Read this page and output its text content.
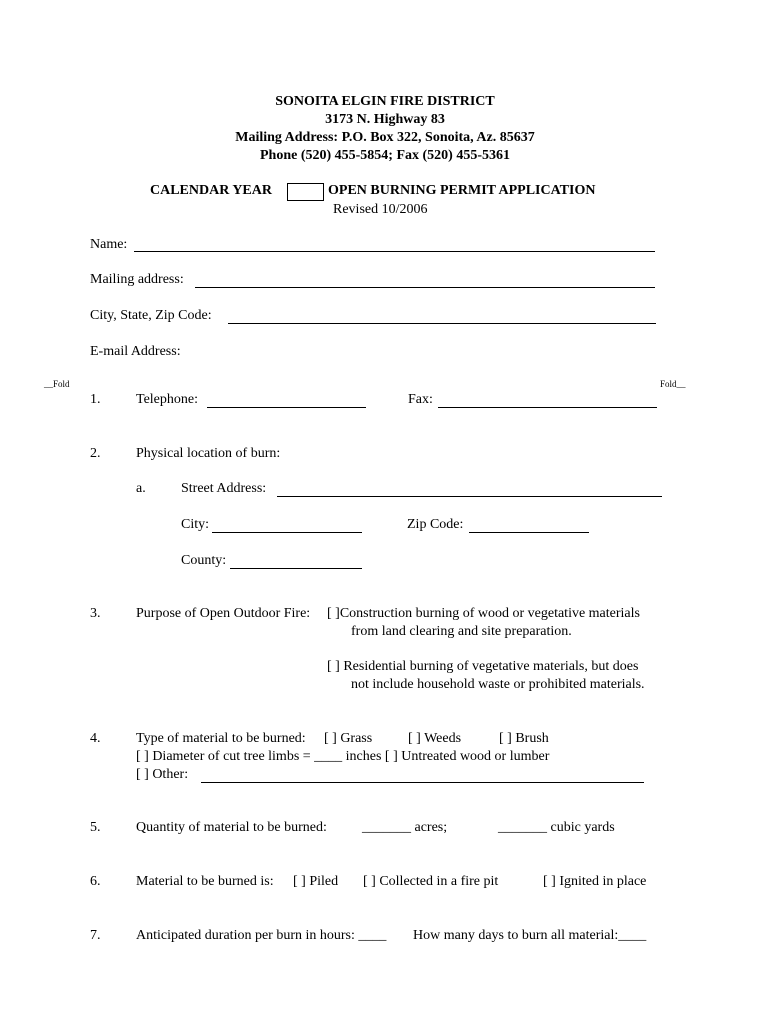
SONOITA ELGIN FIRE DISTRICT
3173 N. Highway 83
Mailing Address: P.O. Box 322, Sonoita, Az. 85637
Phone (520) 455-5854; Fax (520) 455-5361
CALENDAR YEAR	OPEN BURNING PERMIT APPLICATION
Revised 10/2006
Name:
Mailing address:
City, State, Zip Code:
E-mail Address:
__Fold	Fold__
1.	Telephone:	Fax:
2.	Physical location of burn:
a.	Street Address:
City:	Zip Code:
County:
3.	Purpose of Open Outdoor Fire: [ ]Construction burning of wood or vegetative materials
from land clearing and site preparation.
[ ] Residential burning of vegetative materials, but does
not include household waste or prohibited materials.
4.	Type of material to be burned: [ ] Grass	[ ] Weeds	[ ] Brush
[ ] Diameter of cut tree limbs = ____ inches [ ] Untreated wood or lumber
[ ] Other:
5.	Quantity of material to be burned:	_______ acres;	_______ cubic yards
6.	Material to be burned is: [ ] Piled [ ] Collected in a fire pit	[ ] Ignited in place
7.	Anticipated duration per burn in hours: ____ How many days to burn all material:____
